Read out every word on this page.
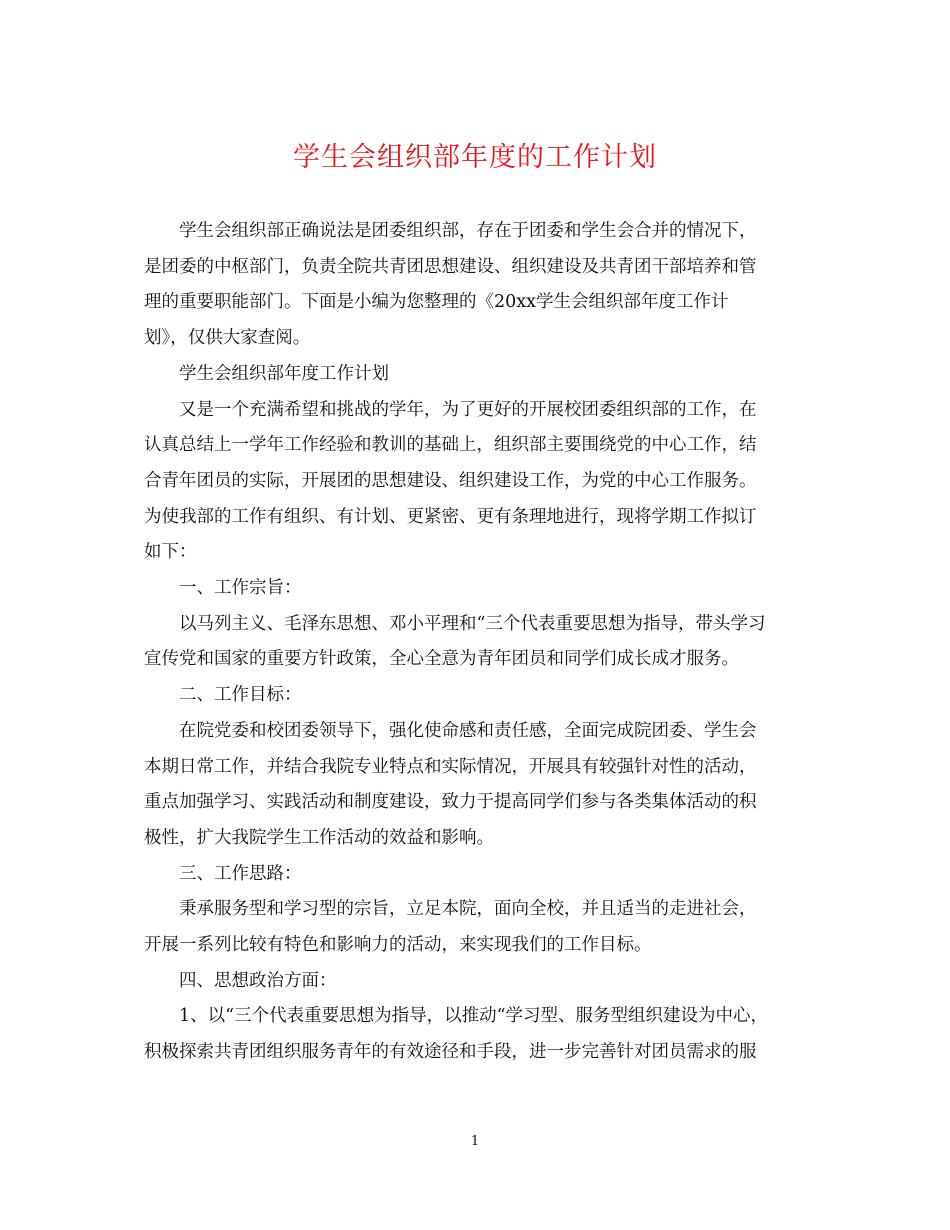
学生会组织部年度的工作计划

学生会组织部正确说法是团委组织部，存在于团委和学生会合并的情况下，
是团委的中枢部门，负责全院共青团思想建设、组织建设及共青团干部培养和管
理的重要职能部门。下面是小编为您整理的《20xx学生会组织部年度工作计
划》，仅供大家查阅。

学生会组织部年度工作计划

又是一个充满希望和挑战的学年，为了更好的开展校团委组织部的工作，在
认真总结上一学年工作经验和教训的基础上，组织部主要围绕党的中心工作，结
合青年团员的实际，开展团的思想建设、组织建设工作，为党的中心工作服务。
为使我部的工作有组织、有计划、更紧密、更有条理地进行，现将学期工作拟订
如下：

一、工作宗旨：

以马列主义、毛泽东思想、邓小平理和“三个代表重要思想为指导，带头学习
宣传党和国家的重要方针政策，全心全意为青年团员和同学们成长成才服务。

二、工作目标：

在院党委和校团委领导下，强化使命感和责任感，全面完成院团委、学生会
本期日常工作，并结合我院专业特点和实际情况，开展具有较强针对性的活动，
重点加强学习、实践活动和制度建设，致力于提高同学们参与各类集体活动的积
极性，扩大我院学生工作活动的效益和影响。

三、工作思路：

秉承服务型和学习型的宗旨，立足本院，面向全校，并且适当的走进社会，
开展一系列比较有特色和影响力的活动，来实现我们的工作目标。

四、思想政治方面：

1、以“三个代表重要思想为指导，以推动“学习型、服务型组织建设为中心，
积极探索共青团组织服务青年的有效途径和手段，进一步完善针对团员需求的服

1
